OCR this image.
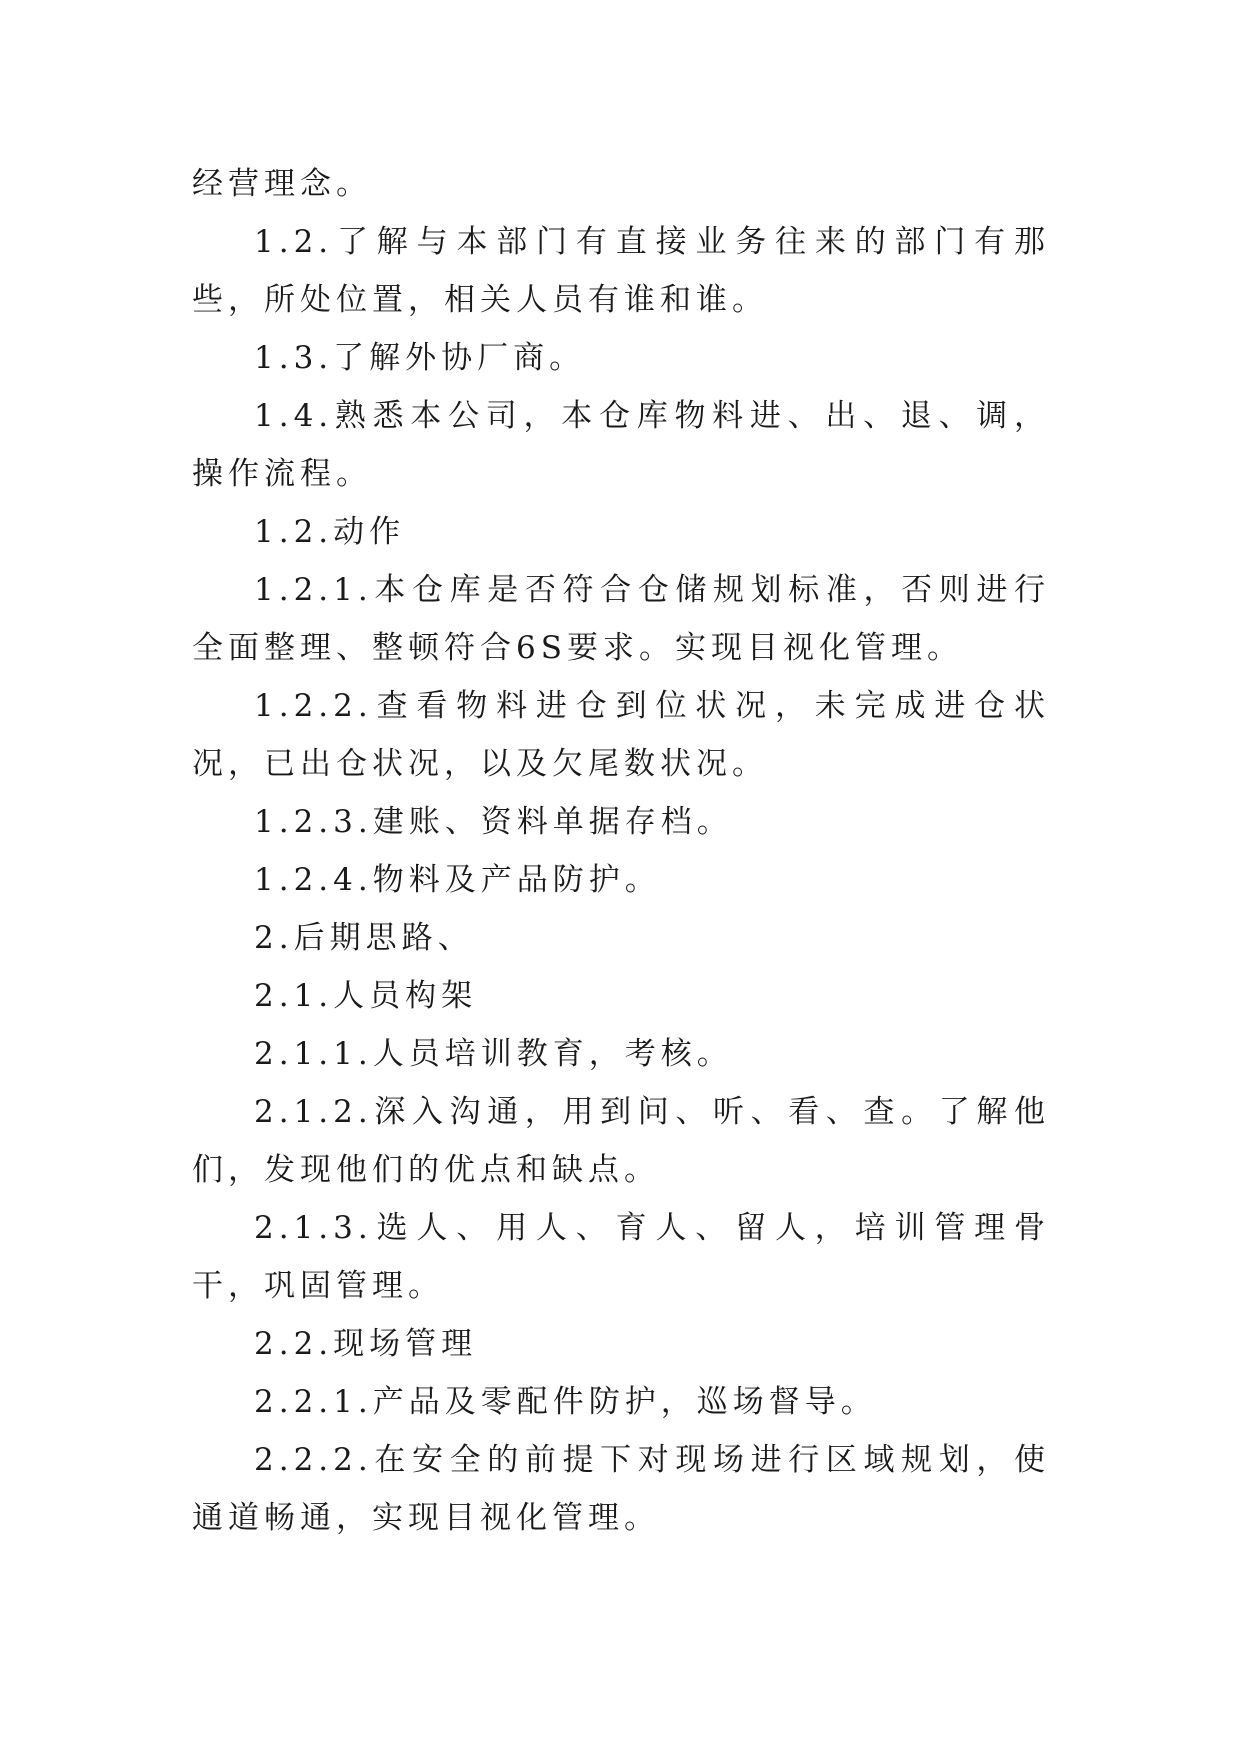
经营理念。

1.2.了解与本部门有直接业务往来的部门有那些，所处位置，相关人员有谁和谁。

1.3.了解外协厂商。

1.4.熟悉本公司，本仓库物料进、出、退、调，操作流程。

1.2.动作

1.2.1.本仓库是否符合仓储规划标准，否则进行全面整理、整顿符合6S要求。实现目视化管理。

1.2.2.查看物料进仓到位状况，未完成进仓状况，已出仓状况，以及欠尾数状况。

1.2.3.建账、资料单据存档。

1.2.4.物料及产品防护。

2.后期思路、

2.1.人员构架

2.1.1.人员培训教育，考核。

2.1.2.深入沟通，用到问、听、看、查。了解他们，发现他们的优点和缺点。

2.1.3.选人、用人、育人、留人，培训管理骨干，巩固管理。

2.2.现场管理

2.2.1.产品及零配件防护，巡场督导。

2.2.2.在安全的前提下对现场进行区域规划，使通道畅通，实现目视化管理。
